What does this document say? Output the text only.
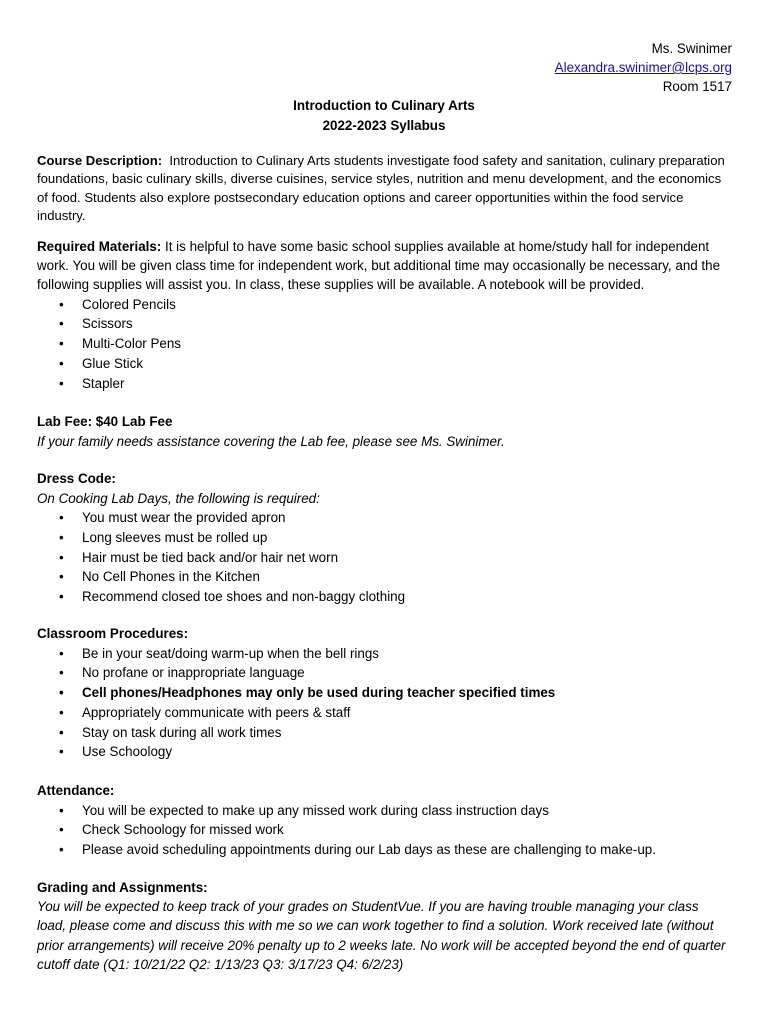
Ms. Swinimer
Alexandra.swinimer@lcps.org
Room 1517
Introduction to Culinary Arts
2022-2023 Syllabus

Course Description: Introduction to Culinary Arts students investigate food safety and sanitation, culinary preparation foundations, basic culinary skills, diverse cuisines, service styles, nutrition and menu development, and the economics of food. Students also explore postsecondary education options and career opportunities within the food service industry.

Required Materials: It is helpful to have some basic school supplies available at home/study hall for independent work. You will be given class time for independent work, but additional time may occasionally be necessary, and the following supplies will assist you. In class, these supplies will be available. A notebook will be provided.

• Colored Pencils
• Scissors
• Multi-Color Pens
• Glue Stick
• Stapler

Lab Fee: $40 Lab Fee

If your family needs assistance covering the Lab fee, please see Ms. Swinimer.

Dress Code:

On Cooking Lab Days, the following is required:

• You must wear the provided apron
• Long sleeves must be rolled up
• Hair must be tied back and/or hair net worn
• No Cell Phones in the Kitchen
• Recommend closed toe shoes and non-baggy clothing

Classroom Procedures:

• Be in your seat/doing warm-up when the bell rings
• No profane or inappropriate language
• Cell phones/Headphones may only be used during teacher specified times
• Appropriately communicate with peers & staff
• Stay on task during all work times
• Use Schoology

Attendance:

• You will be expected to make up any missed work during class instruction days
• Check Schoology for missed work
• Please avoid scheduling appointments during our Lab days as these are challenging to make-up.

Grading and Assignments:

You will be expected to keep track of your grades on StudentVue. If you are having trouble managing your class load, please come and discuss this with me so we can work together to find a solution. Work received late (without prior arrangements) will receive 20% penalty up to 2 weeks late. No work will be accepted beyond the end of quarter cutoff date (Q1: 10/21/22 Q2: 1/13/23 Q3: 3/17/23 Q4: 6/2/23)
